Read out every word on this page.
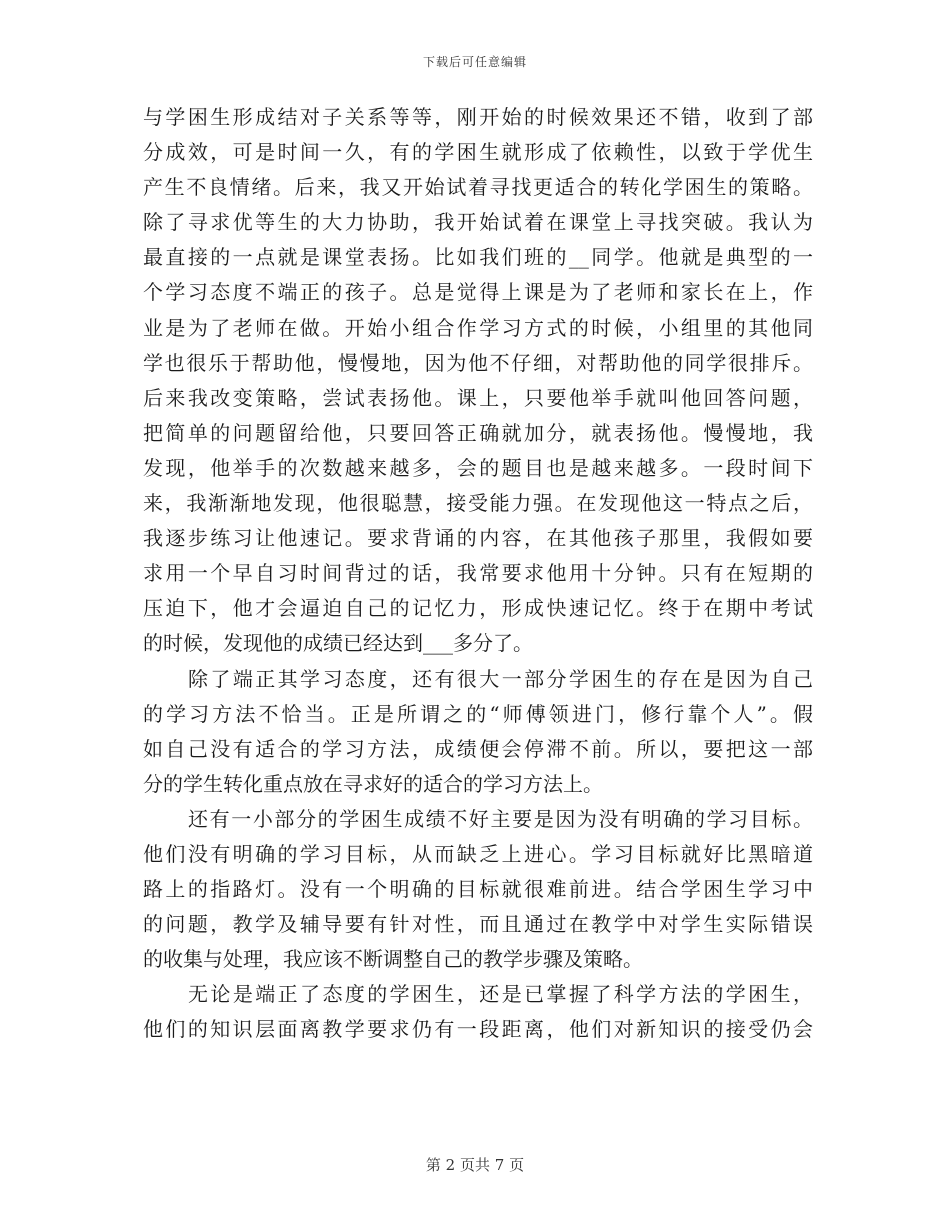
下载后可任意编辑
与学困生形成结对子关系等等，刚开始的时候效果还不错，收到了部
分成效，可是时间一久，有的学困生就形成了依赖性，以致于学优生
产生不良情绪。后来，我又开始试着寻找更适合的转化学困生的策略。
除了寻求优等生的大力协助，我开始试着在课堂上寻找突破。我认为
最直接的一点就是课堂表扬。比如我们班的__同学。他就是典型的一
个学习态度不端正的孩子。总是觉得上课是为了老师和家长在上，作
业是为了老师在做。开始小组合作学习方式的时候，小组里的其他同
学也很乐于帮助他，慢慢地，因为他不仔细，对帮助他的同学很排斥。
后来我改变策略，尝试表扬他。课上，只要他举手就叫他回答问题，
把简单的问题留给他，只要回答正确就加分，就表扬他。慢慢地，我
发现，他举手的次数越来越多，会的题目也是越来越多。一段时间下
来，我渐渐地发现，他很聪慧，接受能力强。在发现他这一特点之后，
我逐步练习让他速记。要求背诵的内容，在其他孩子那里，我假如要
求用一个早自习时间背过的话，我常要求他用十分钟。只有在短期的
压迫下，他才会逼迫自己的记忆力，形成快速记忆。终于在期中考试
的时候，发现他的成绩已经达到___多分了。
除了端正其学习态度，还有很大一部分学困生的存在是因为自己
的学习方法不恰当。正是所谓之的“师傅领进门，修行靠个人”。假
如自己没有适合的学习方法，成绩便会停滞不前。所以，要把这一部
分的学生转化重点放在寻求好的适合的学习方法上。
还有一小部分的学困生成绩不好主要是因为没有明确的学习目标。
他们没有明确的学习目标，从而缺乏上进心。学习目标就好比黑暗道
路上的指路灯。没有一个明确的目标就很难前进。结合学困生学习中
的问题，教学及辅导要有针对性，而且通过在教学中对学生实际错误
的收集与处理，我应该不断调整自己的教学步骤及策略。
无论是端正了态度的学困生，还是已掌握了科学方法的学困生，
他们的知识层面离教学要求仍有一段距离，他们对新知识的接受仍会
第 2 页共 7 页
